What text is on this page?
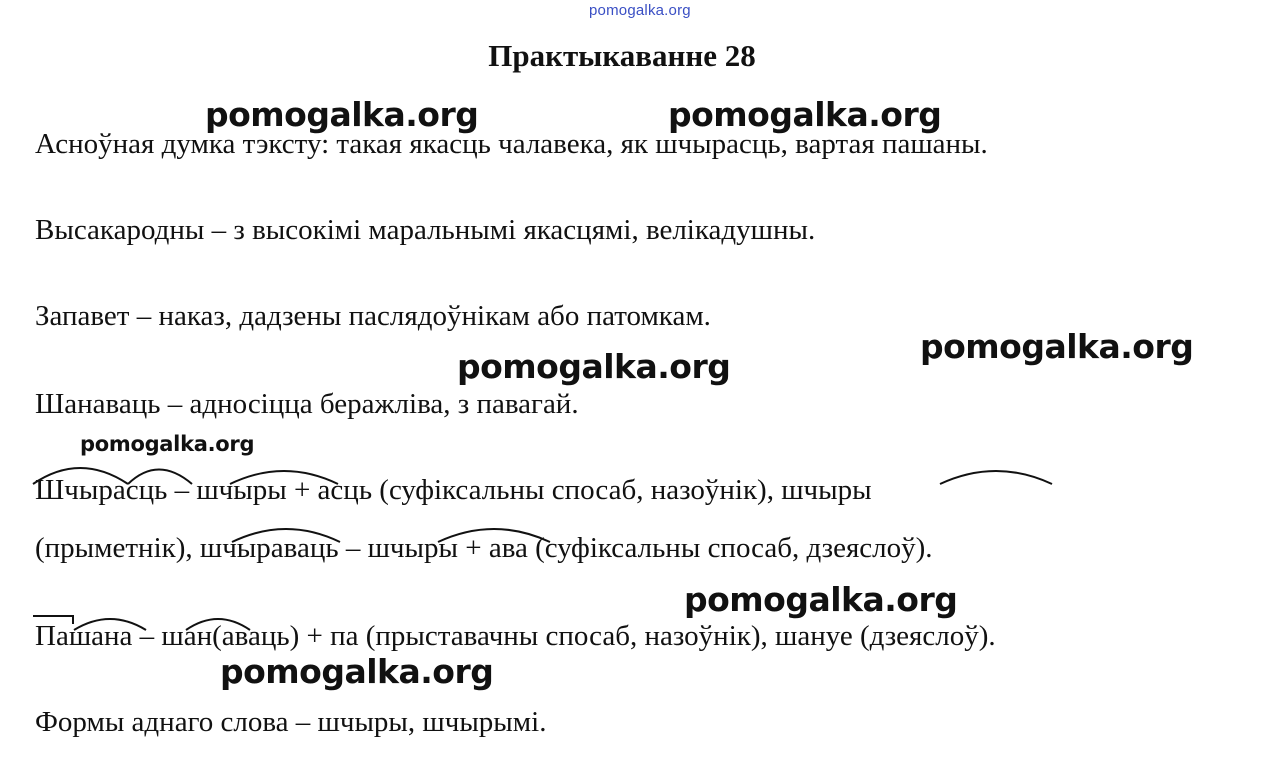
pomogalka.org
Практыкаванне 28
Асноўная думка тэксту: такая якасць чалавека, як шчырасць, вартая пашаны.
Высакародны – з высокімі маральнымі якасцямі, велікадушны.
Запавет – наказ, дадзены паслядоўнікам або патомкам.
Шанаваць – адносіцца беражліва, з павагай.
Шчырасць – шчыры + асць (суфіксальны спосаб, назоўнік), шчыры
(прыметнік), шчыраваць – шчыры + ава (суфіксальны спосаб, дзеяслоў).
Пашана – шан(аваць) + па (прыставачны спосаб, назоўнік), шануе (дзеяслоў).
Формы аднаго слова – шчыры, шчырымі.
pomogalka.org	pomogalka.org
pomogalka.org
pomogalka.org
pomogalka.org
pomogalka.org
pomogalka.org
